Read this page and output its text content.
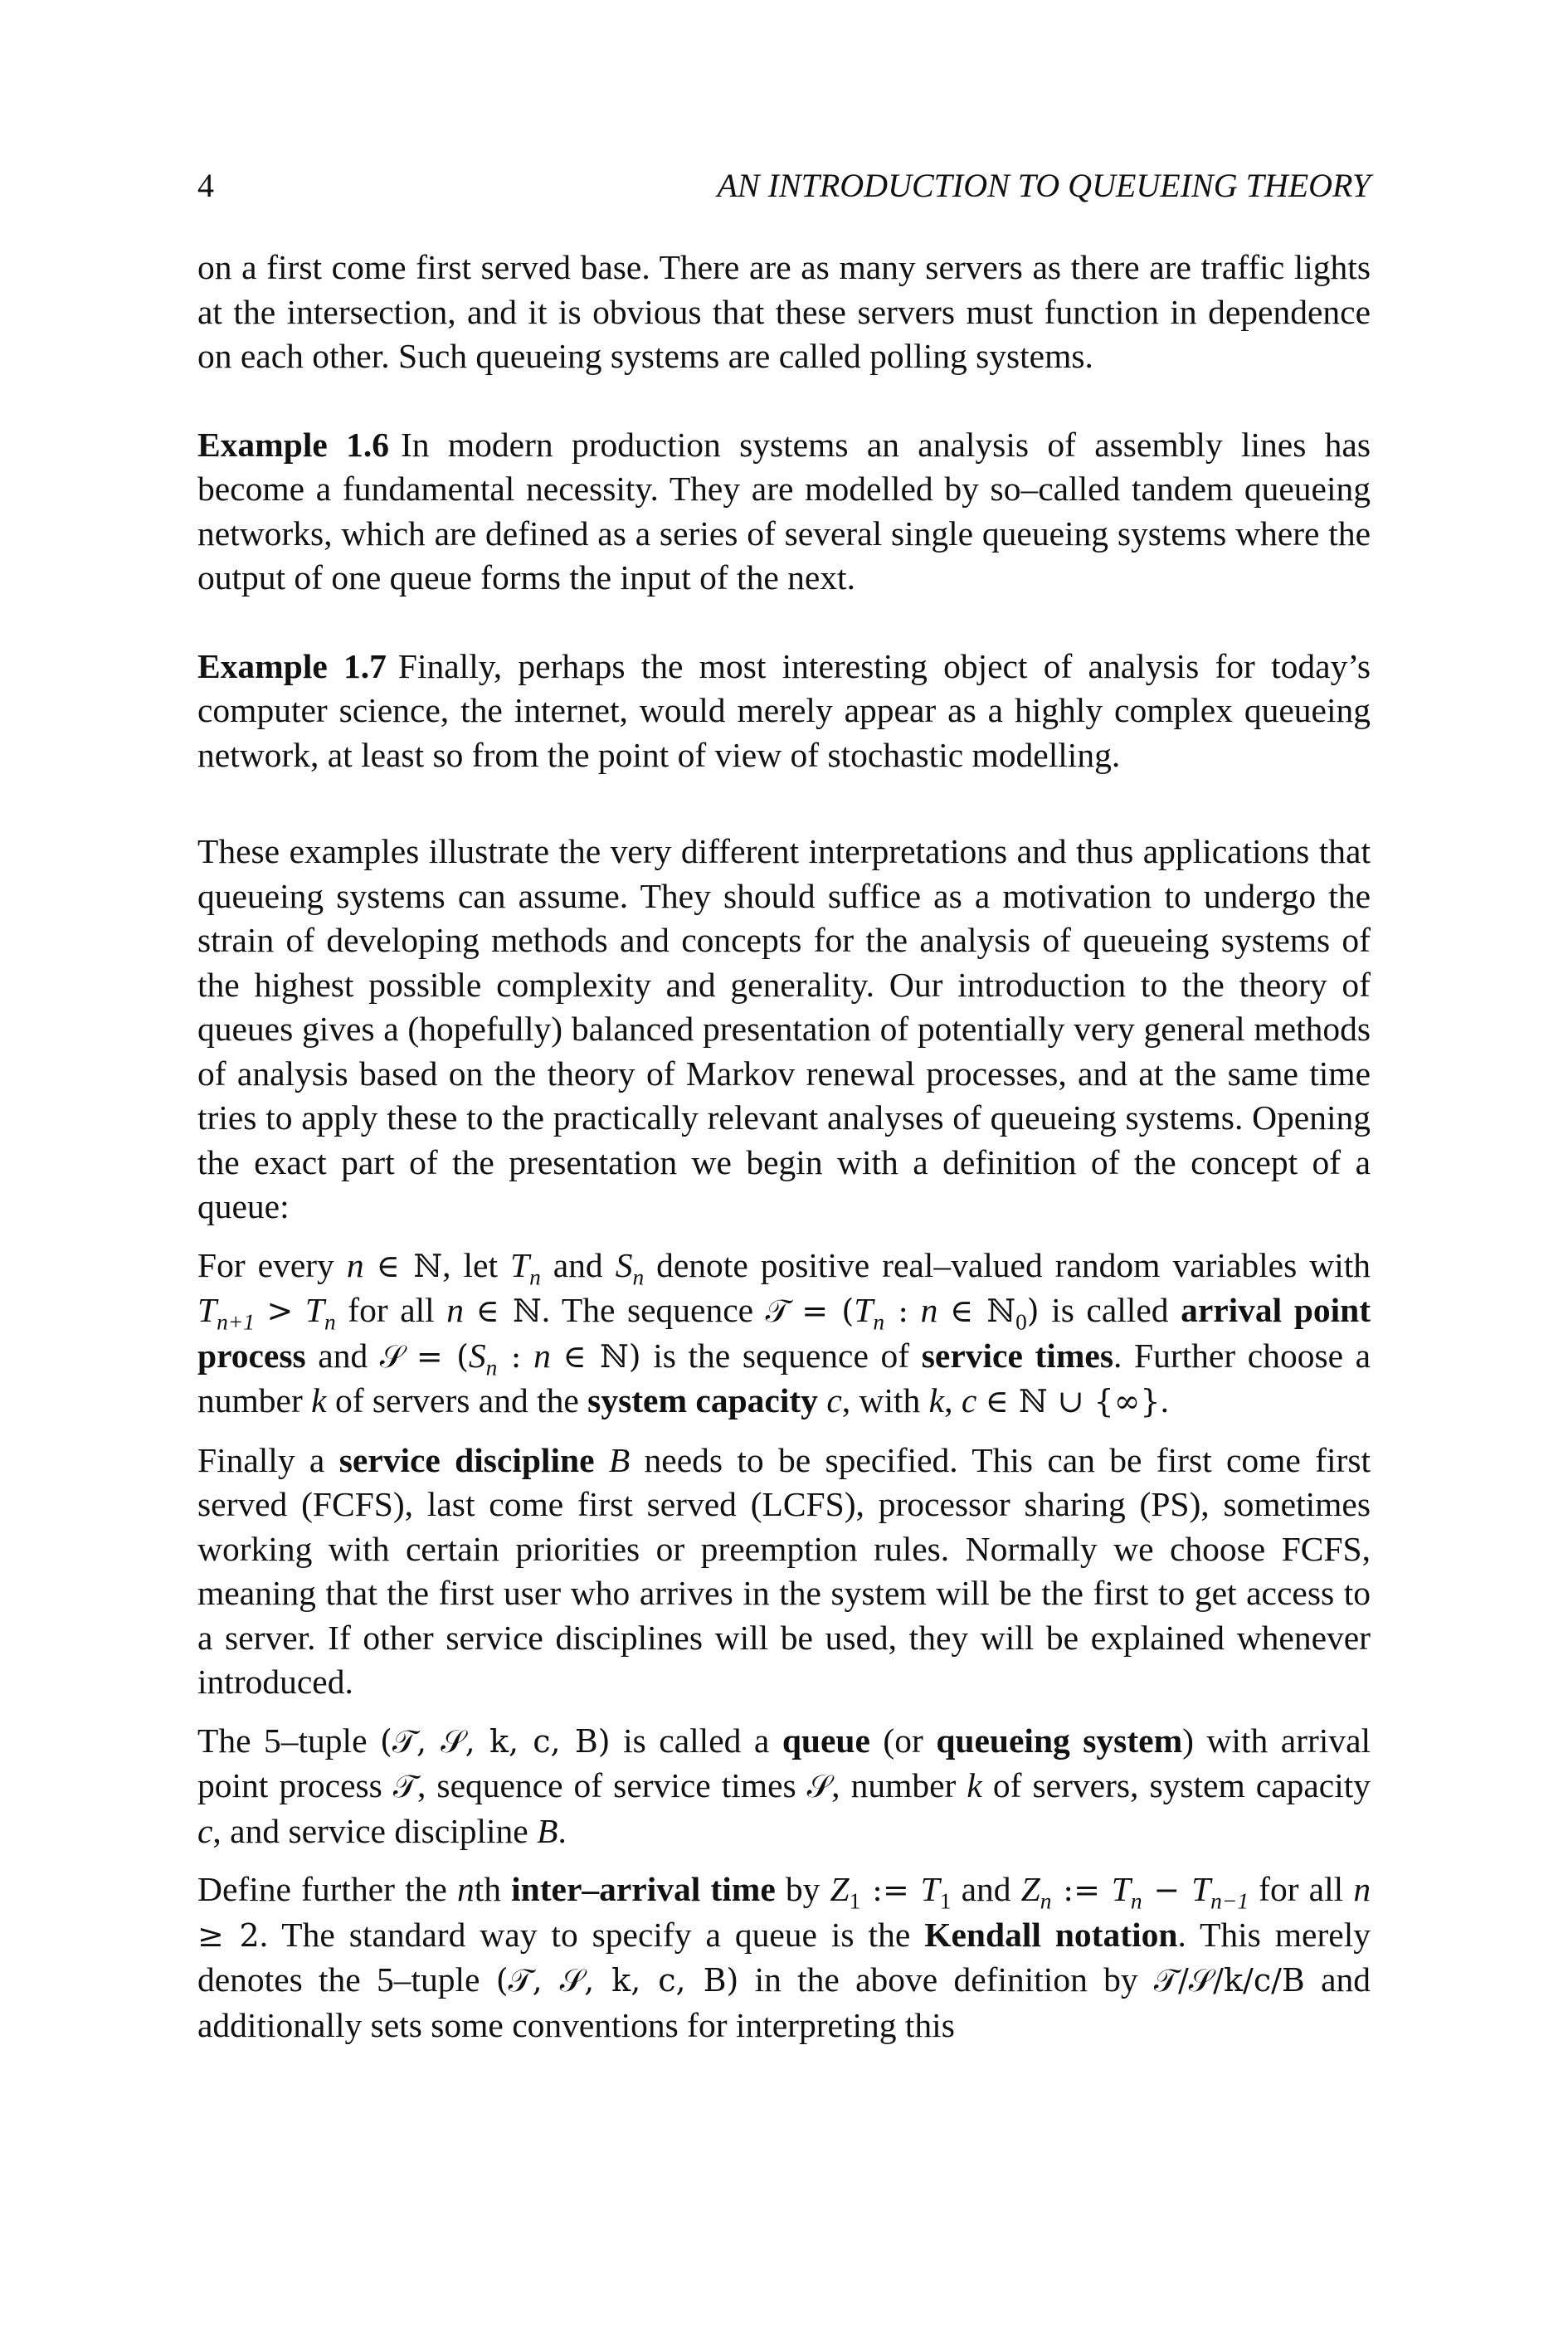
4	AN INTRODUCTION TO QUEUEING THEORY

on a first come first served base. There are as many servers as there are traffic lights at the intersection, and it is obvious that these servers must function in dependence on each other. Such queueing systems are called polling systems.

Example 1.6 In modern production systems an analysis of assembly lines has become a fundamental necessity. They are modelled by so–called tandem queueing networks, which are defined as a series of several single queueing systems where the output of one queue forms the input of the next.

Example 1.7 Finally, perhaps the most interesting object of analysis for today’s computer science, the internet, would merely appear as a highly complex queueing network, at least so from the point of view of stochastic modelling.

These examples illustrate the very different interpretations and thus applications that queueing systems can assume. They should suffice as a motivation to undergo the strain of developing methods and concepts for the analysis of queueing systems of the highest possible complexity and generality. Our introduction to the theory of queues gives a (hopefully) balanced presentation of potentially very general methods of analysis based on the theory of Markov renewal processes, and at the same time tries to apply these to the practically relevant analyses of queueing systems. Opening the exact part of the presentation we begin with a definition of the concept of a queue:

For every n ∈ ℕ, let $T_n$ and $S_n$ denote positive real–valued random variables with $T_{n+1} > T_n$ for all n ∈ ℕ. The sequence 𝒯 = ($T_n$ : n ∈ ℕ$_0$) is called arrival point process and 𝒮 = ($S_n$ : n ∈ ℕ) is the sequence of service times. Further choose a number k of servers and the system capacity c, with k, c ∈ ℕ ∪ {∞}.

Finally a service discipline B needs to be specified. This can be first come first served (FCFS), last come first served (LCFS), processor sharing (PS), sometimes working with certain priorities or preemption rules. Normally we choose FCFS, meaning that the first user who arrives in the system will be the first to get access to a server. If other service disciplines will be used, they will be explained whenever introduced.

The 5–tuple (𝒯, 𝒮, k, c, B) is called a queue (or queueing system) with arrival point process 𝒯, sequence of service times 𝒮, number k of servers, system capacity c, and service discipline B.

Define further the nth inter–arrival time by $Z_1$ := $T_1$ and $Z_n$ := $T_n - T_{n-1}$ for all n ≥ 2. The standard way to specify a queue is the Kendall notation. This merely denotes the 5–tuple (𝒯, 𝒮, k, c, B) in the above definition by 𝒯/𝒮/k/c/B and additionally sets some conventions for interpreting this
